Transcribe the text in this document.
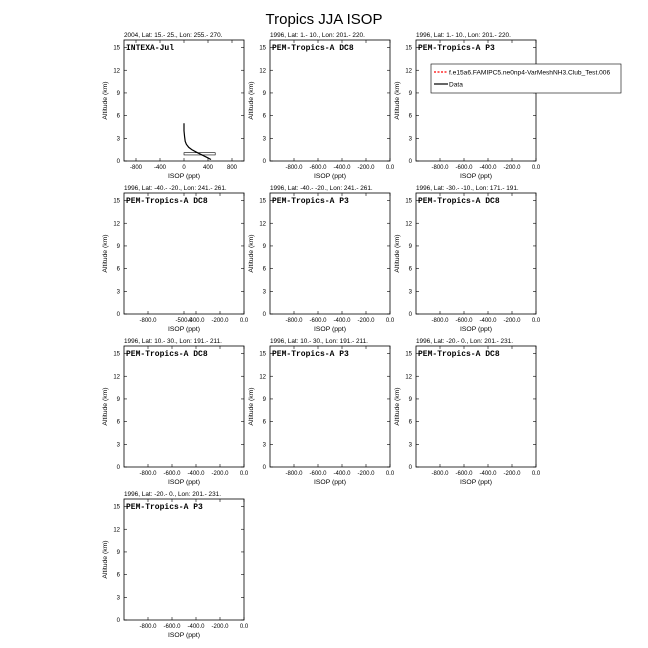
Tropics JJA ISOP
2004, Lat: 15.- 25., Lon: 255.- 270.
0
3
6
9
12
15
-800 -400	0	400 800
ISOP (ppt)
Altitude (km)
INTEXA-Jul
1996, Lat: 1.- 10., Lon: 201.- 220.
0
3
6
9
12
15
-800.0 -600.0 -400.0 -200.0 0.0
ISOP (ppt)
Altitude (km)
PEM-Tropics-A DC8
1996, Lat: 1.- 10., Lon: 201.- 220.
0
3
6
9
12
15
-800.0 -600.0 -400.0 -200.0 0.0
ISOP (ppt)
Altitude (km)
PEM-Tropics-A P3
1996, Lat: -40.- -20., Lon: 241.- 261.
0
3
6
9
12
15
-800.0	-500.0
-400.0 -200.0 0.0
ISOP (ppt)
Altitude (km)
PEM-Tropics-A DC8
1996, Lat: -40.- -20., Lon: 241.- 261.
0
3
6
9
12
15
-800.0 -600.0 -400.0 -200.0 0.0
ISOP (ppt)
Altitude (km)
PEM-Tropics-A P3
1996, Lat: -30.- -10., Lon: 171.- 191.
0
3
6
9
12
15
-800.0 -600.0 -400.0 -200.0 0.0
ISOP (ppt)
Altitude (km)
PEM-Tropics-A DC8
1996, Lat: 10.- 30., Lon: 191.- 211.
0
3
6
9
12
15
-800.0 -600.0 -400.0 -200.0 0.0
ISOP (ppt)
Altitude (km)
PEM-Tropics-A DC8
1996, Lat: 10.- 30., Lon: 191.- 211.
0
3
6
9
12
15
-800.0 -600.0 -400.0 -200.0 0.0
ISOP (ppt)
Altitude (km)
PEM-Tropics-A P3
1996, Lat: -20.- 0., Lon: 201.- 231.
0
3
6
9
12
15
-800.0 -600.0 -400.0 -200.0 0.0
ISOP (ppt)
Altitude (km)
PEM-Tropics-A DC8
1996, Lat: -20.- 0., Lon: 201.- 231.
0
3
6
9
12
15
-800.0 -600.0 -400.0 -200.0 0.0
ISOP (ppt)
Altitude (km)
PEM-Tropics-A P3
f.e15a6.FAMIPC5.ne0np4-VarMeshNH3.Club_Test.006
Data
